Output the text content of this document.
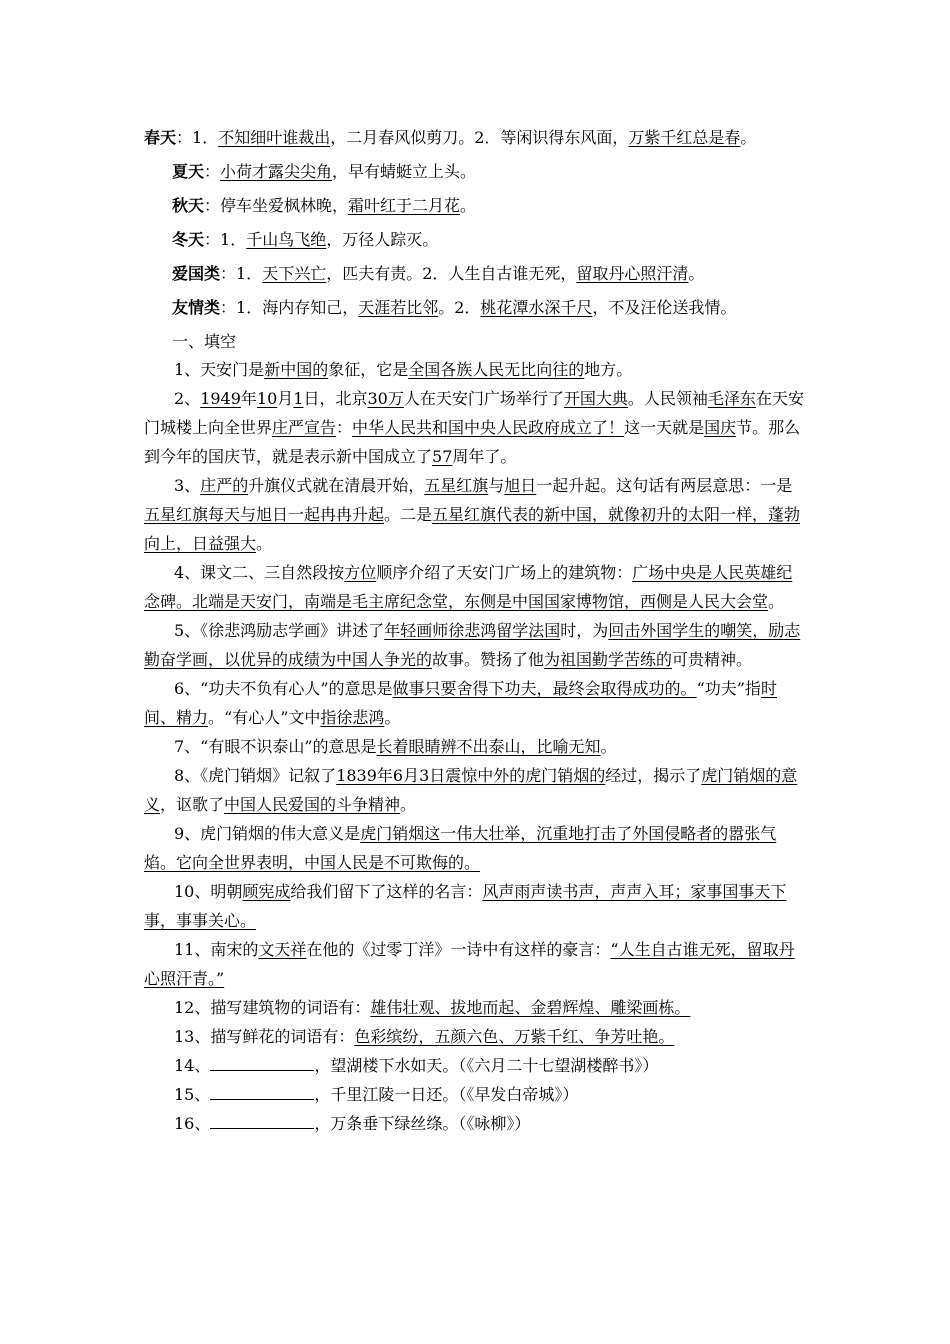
春天：1．不知细叶谁裁出，二月春风似剪刀。2．等闲识得东风面，万紫千红总是春。
夏天：小荷才露尖尖角，早有蜻蜓立上头。
秋天：停车坐爱枫林晚，霜叶红于二月花。
冬天：1．千山鸟飞绝，万径人踪灭。
爱国类：1．天下兴亡，匹夫有责。2．人生自古谁无死，留取丹心照汗清。
友情类：1．海内存知己，天涯若比邻。2．桃花潭水深千尺，不及汪伦送我情。
一、填空
1、天安门是新中国的象征，它是全国各族人民无比向往的地方。
2、1949年10月1日，北京30万人在天安门广场举行了开国大典。人民领袖毛泽东在天安门城楼上向全世界庄严宣告：中华人民共和国中央人民政府成立了！这一天就是国庆节。那么到今年的国庆节，就是表示新中国成立了57周年了。
3、庄严的升旗仪式就在清晨开始，五星红旗与旭日一起升起。这句话有两层意思：一是五星红旗每天与旭日一起冉冉升起。二是五星红旗代表的新中国，就像初升的太阳一样，蓬勃向上，日益强大。
4、课文二、三自然段按方位顺序介绍了天安门广场上的建筑物：广场中央是人民英雄纪念碑。北端是天安门，南端是毛主席纪念堂，东侧是中国国家博物馆，西侧是人民大会堂。
5、《徐悲鸿励志学画》讲述了年轻画师徐悲鸿留学法国时，为回击外国学生的嘲笑，励志勤奋学画，以优异的成绩为中国人争光的故事。赞扬了他为祖国勤学苦练的可贵精神。
6、“功夫不负有心人”的意思是做事只要舍得下功夫，最终会取得成功的。“功夫”指时间、精力。“有心人”文中指徐悲鸿。
7、“有眼不识泰山”的意思是长着眼睛辨不出泰山，比喻无知。
8、《虎门销烟》记叙了1839年6月3日震惊中外的虎门销烟的经过，揭示了虎门销烟的意义，讴歌了中国人民爱国的斗争精神。
9、虎门销烟的伟大意义是虎门销烟这一伟大壮举，沉重地打击了外国侵略者的嚣张气焰。它向全世界表明，中国人民是不可欺侮的。
10、明朝顾宪成给我们留下了这样的名言：风声雨声读书声，声声入耳；家事国事天下事，事事关心。
11、南宋的文天祥在他的《过零丁洋》一诗中有这样的豪言：“人生自古谁无死，留取丹心照汗青。”
12、描写建筑物的词语有：雄伟壮观、拔地而起、金碧辉煌、雕梁画栋。
13、描写鲜花的词语有：色彩缤纷，五颜六色、万紫千红、争芳吐艳。
14、	，望湖楼下水如天。（《六月二十七望湖楼醉书》）
15、	，千里江陵一日还。（《早发白帝城》）
16、	，万条垂下绿丝绦。（《咏柳》）
